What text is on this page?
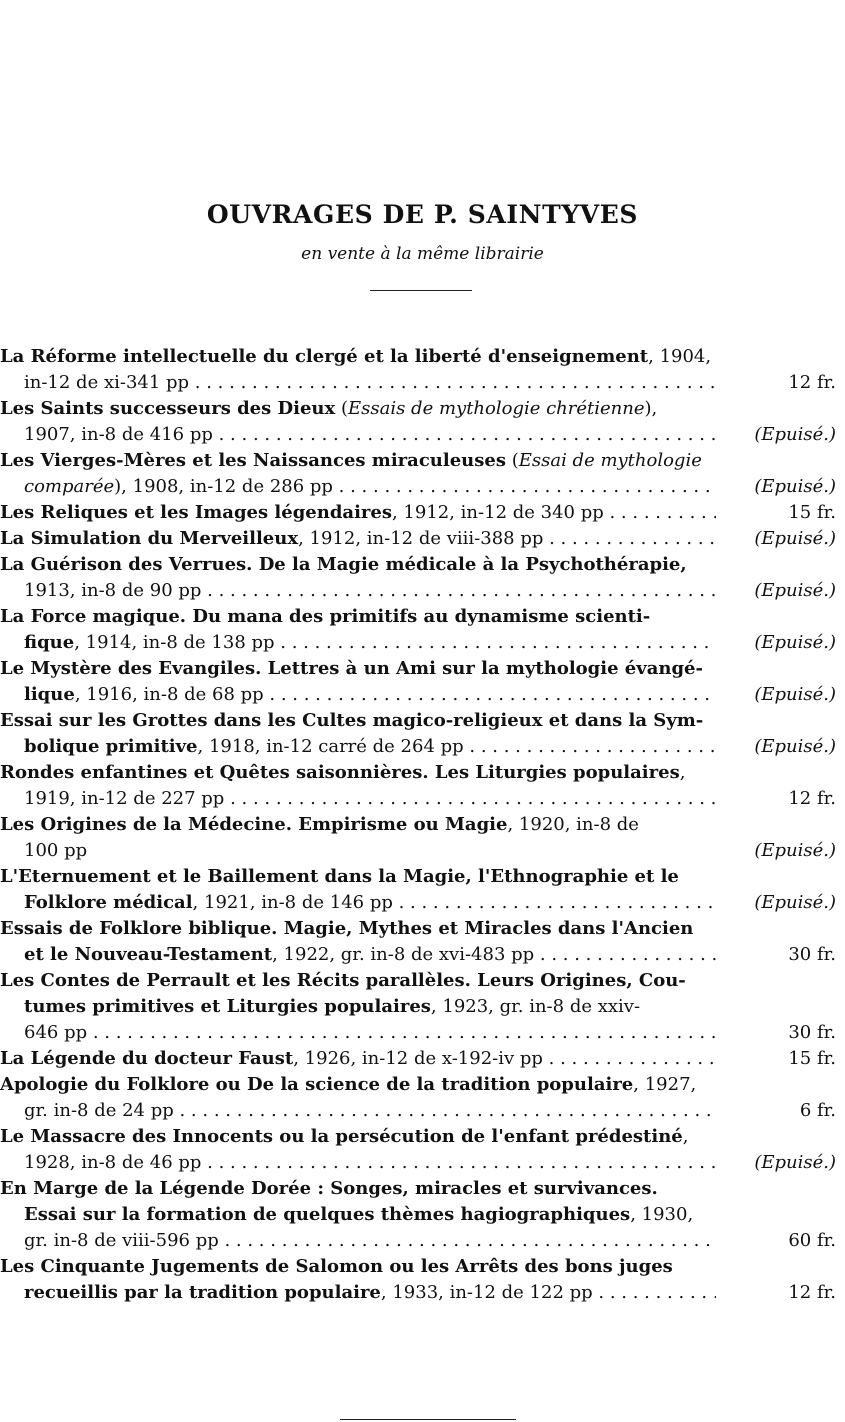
OUVRAGES DE P. SAINTYVES
en vente à la même librairie
La Réforme intellectuelle du clergé et la liberté d'enseignement, 1904,
in-12 de xi-341 pp . . .	12 fr.
Les Saints successeurs des Dieux (Essais de mythologie chrétienne),
1907, in-8 de 416 pp . . .	(Epuisé.)
Les Vierges-Mères et les Naissances miraculeuses (Essai de mythologie
comparée), 1908, in-12 de 286 pp . . .	(Epuisé.)
Les Reliques et les Images légendaires, 1912, in-12 de 340 pp . . .	15 fr.
La Simulation du Merveilleux, 1912, in-12 de viii-388 pp . . .	(Epuisé.)
La Guérison des Verrues. De la Magie médicale à la Psychothérapie,
1913, in-8 de 90 pp . . .	(Epuisé.)
La Force magique. Du mana des primitifs au dynamisme scienti-
fique, 1914, in-8 de 138 pp . . .	(Epuisé.)
Le Mystère des Evangiles. Lettres à un Ami sur la mythologie évangé-
lique, 1916, in-8 de 68 pp . . .	(Epuisé.)
Essai sur les Grottes dans les Cultes magico-religieux et dans la Sym-
bolique primitive, 1918, in-12 carré de 264 pp . . .	(Epuisé.)
Rondes enfantines et Quêtes saisonnières. Les Liturgies populaires,
1919, in-12 de 227 pp . . .	12 fr.
Les Origines de la Médecine. Empirisme ou Magie, 1920, in-8 de
100 pp	(Epuisé.)
L'Eternuement et le Baillement dans la Magie, l'Ethnographie et le
Folklore médical, 1921, in-8 de 146 pp . . .	(Epuisé.)
Essais de Folklore biblique. Magie, Mythes et Miracles dans l'Ancien
et le Nouveau-Testament, 1922, gr. in-8 de xvi-483 pp . . .	30 fr.
Les Contes de Perrault et les Récits parallèles. Leurs Origines, Cou-
tumes primitives et Liturgies populaires, 1923, gr. in-8 de xxiv-
646 pp . . .	30 fr.
La Légende du docteur Faust, 1926, in-12 de x-192-iv pp . . .	15 fr.
Apologie du Folklore ou De la science de la tradition populaire, 1927,
gr. in-8 de 24 pp . . .	6 fr.
Le Massacre des Innocents ou la persécution de l'enfant prédestiné,
1928, in-8 de 46 pp . . .	(Epuisé.)
En Marge de la Légende Dorée : Songes, miracles et survivances.
Essai sur la formation de quelques thèmes hagiographiques, 1930,
gr. in-8 de viii-596 pp . . .	60 fr.
Les Cinquante Jugements de Salomon ou les Arrêts des bons juges
recueillis par la tradition populaire, 1933, in-12 de 122 pp . . .	12 fr.
